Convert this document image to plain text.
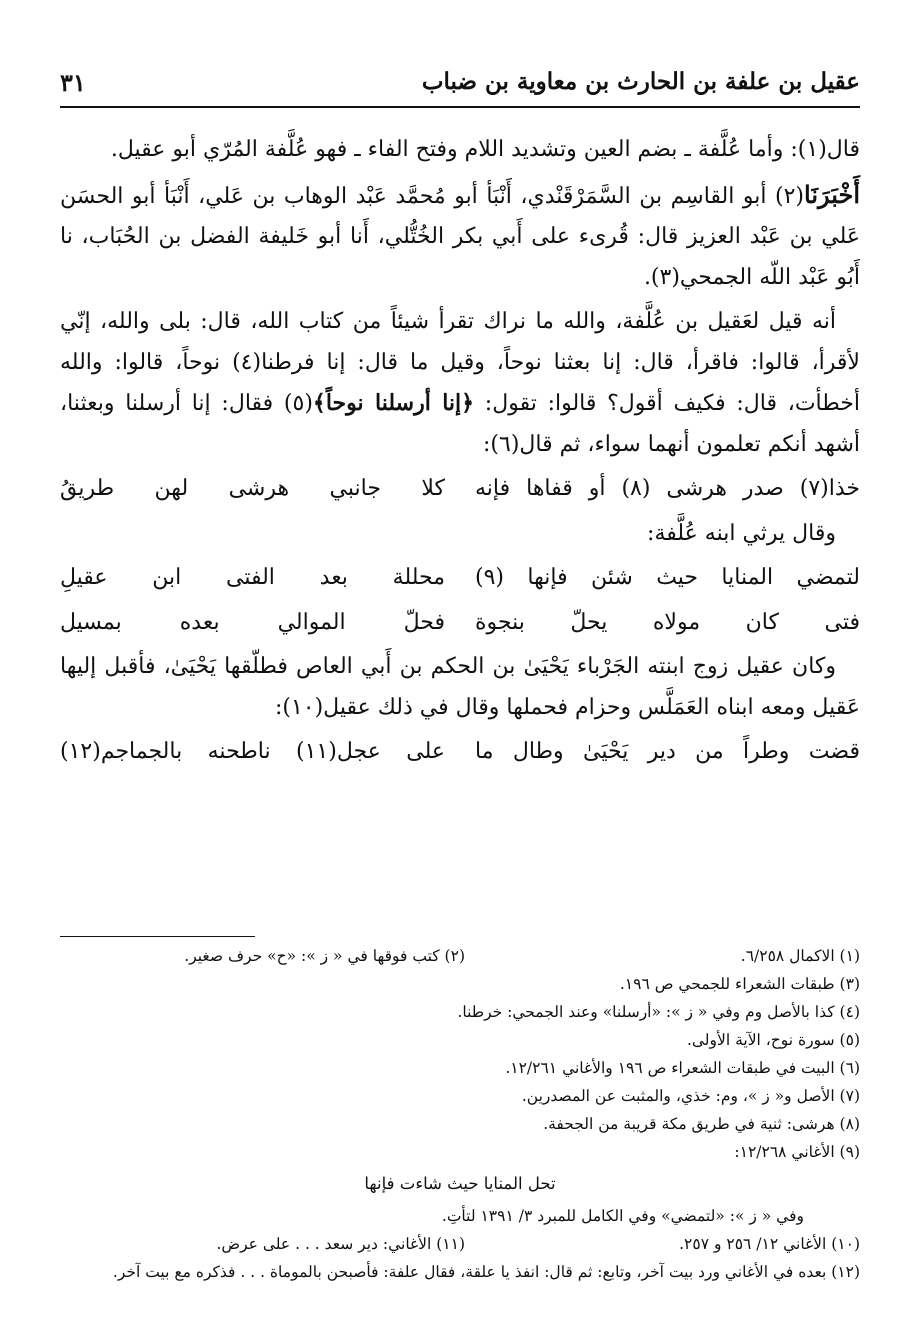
عقيل بن علفة بن الحارث بن معاوية بن ضباب
٣١

قال(١): وأما عُلَّفة ـ بضم العين وتشديد اللام وفتح الفاء ـ فهو عُلَّفة المُرّي أبو عقيل.

أَخْبَرَنَا(٢) أبو القاسِم بن السَّمَرْقَنْدي، أَنْبَأ أبو مُحمَّد عَبْد الوهاب بن عَلي، أَنْبَأ أبو الحسَن عَلي بن عَبْد العزيز قال: قُرىء على أَبي بكر الخُتُّلي، أَنا أبو خَليفة الفضل بن الحُبَاب، نا أَبُو عَبْد اللّه الجمحي(٣).

أنه قيل لعَقيل بن عُلَّفة، والله ما نراك تقرأ شيئاً من كتاب الله، قال: بلى والله، إنّي لأقرأ، قالوا: فاقرأ، قال: إنا بعثنا نوحاً، وقيل ما قال: إنا فرطنا(٤) نوحاً، قالوا: والله أخطأت، قال: فكيف أقول؟ قالوا: تقول: ﴿إنا أرسلنا نوحاً﴾(٥) فقال: إنا أرسلنا وبعثنا، أشهد أنكم تعلمون أنهما سواء، ثم قال(٦):

خذا(٧) صدر هرشى (٨) أو قفاها فإنه
كلا جانبي هرشى لهن طريقُ

وقال يرثي ابنه عُلَّفة:

لتمضي المنايا حيث شئن فإنها (٩)
محللة بعد الفتى ابن عقيلِ
فتى كان مولاه يحلّ بنجوة
فحلّ الموالي بعده بمسيل

وكان عقيل زوج ابنته الجَرْباء يَحْيَىٰ بن الحكم بن أَبي العاص فطلّقها يَحْيَىٰ، فأقبل إليها عَقيل ومعه ابناه العَمَلَّس وحزام فحملها وقال في ذلك عقيل(١٠):

قضت وطراً من دير يَحْيَىٰ وطال ما
على عجل(١١) ناطحنه بالجماجم(١٢)
(١) الاكمال ٦/٢٥٨.
(٢) كتب فوقها في « ز »: «ح» حرف صغير.

(٣) طبقات الشعراء للجمحي ص ١٩٦.

(٤) كذا بالأصل وم وفي « ز »: «أرسلنا» وعند الجمحي: خرطنا.

(٥) سورة نوح، الآية الأولى.

(٦) البيت في طبقات الشعراء ص ١٩٦ والأغاني ١٢/٢٦١.

(٧) الأصل و« ز »، وم: خذي، والمثبت عن المصدرين.

(٨) هرشى: ثنية في طريق مكة قريبة من الجحفة.

(٩) الأغاني ١٢/٢٦٨:

تحل المنايا حيث شاءت فإنها

وفي « ز »: «لتمضي» وفي الكامل للمبرد ٣/ ١٣٩١ لتأتِ.

(١٠) الأغاني ١٢/ ٢٥٦ و ٢٥٧.
(١١) الأغاني: دير سعد . . . على عرض.

(١٢) بعده في الأغاني ورد بيت آخر، وتابع: ثم قال: انفذ يا علقة، فقال علفة: فأصبحن بالموماة . . . فذكره مع بيت آخر.
